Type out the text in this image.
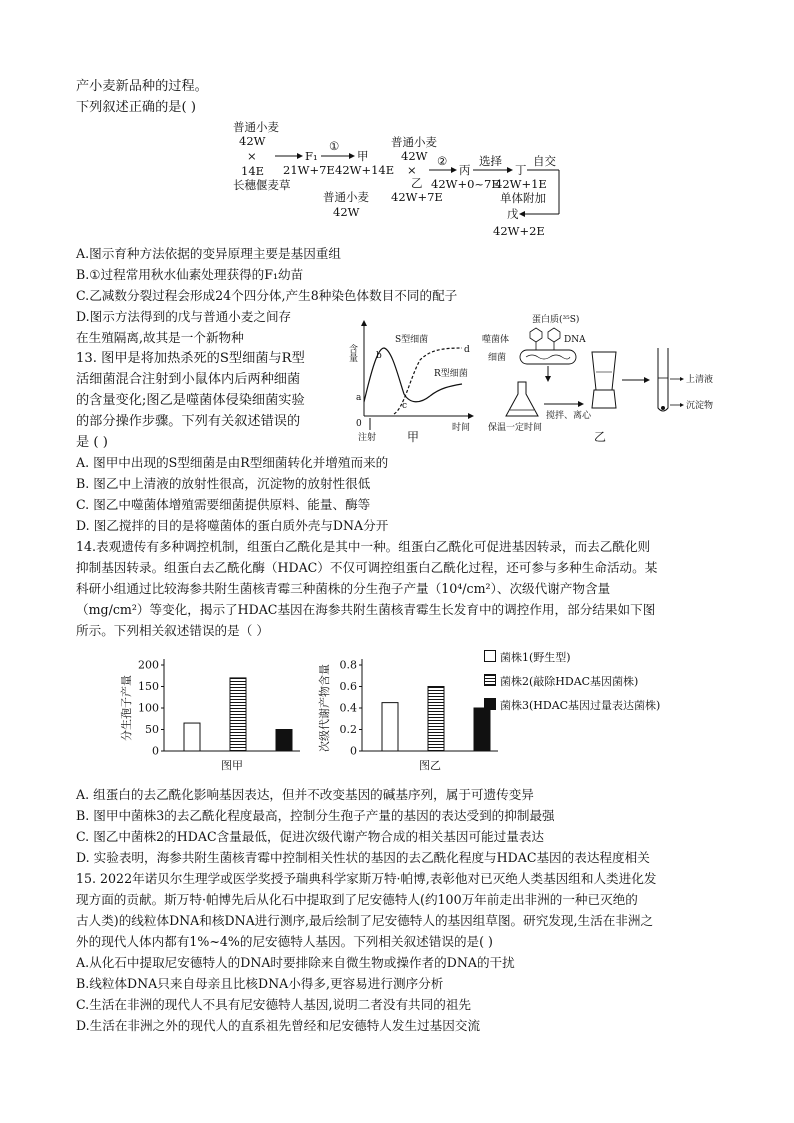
产小麦新品种的过程。
下列叙述正确的是( )
普通小麦
42W
×
14E
长穗偃麦草
F₁
21W+7E
①
甲
42W+14E
普通小麦
42W
×
乙
42W+7E
普通小麦
42W
②
丙
42W+0~7E
选择
丁
42W+1E
单体附加
自交
戊
42W+2E
A.图示育种方法依据的变异原理主要是基因重组
B.①过程常用秋水仙素处理获得的F₁幼苗
C.乙减数分裂过程会形成24个四分体,产生8种染色体数目不同的配子
D.图示方法得到的戊与普通小麦之间存
在生殖隔离,故其是一个新物种
13. 图甲是将加热杀死的S型细菌与R型
活细菌混合注射到小鼠体内后两种细菌
的含量变化;图乙是噬菌体侵染细菌实验
的部分操作步骤。下列有关叙述错误的
是 ( )
含量
S型细菌
R型细菌
a
b
c
d
0
注射
时间
甲
蛋白质(³⁵S)
噬菌体	DNA
细菌
保温一定时间
搅拌、离心
上清液
沉淀物
乙
A. 图甲中出现的S型细菌是由R型细菌转化并增殖而来的
B. 图乙中上清液的放射性很高，沉淀物的放射性很低
C. 图乙中噬菌体增殖需要细菌提供原料、能量、酶等
D. 图乙搅拌的目的是将噬菌体的蛋白质外壳与DNA分开
14.表观遗传有多种调控机制，组蛋白乙酰化是其中一种。组蛋白乙酰化可促进基因转录，而去乙酰化则
抑制基因转录。组蛋白去乙酰化酶（HDAC）不仅可调控组蛋白乙酰化过程，还可参与多种生命活动。某
科研小组通过比较海参共附生菌核青霉三种菌株的分生孢子产量（10⁴/cm²）、次级代谢产物含量
（mg/cm²）等变化，揭示了HDAC基因在海参共附生菌核青霉生长发育中的调控作用，部分结果如下图
所示。下列相关叙述错误的是（ ）
0
50
100
150
200
分生孢子产量
图甲
0
0.2
0.4
0.6
0.8
次级代谢产物含量
图乙
菌株1(野生型)
菌株2(敲除HDAC基因菌株)
菌株3(HDAC基因过量表达菌株)
A. 组蛋白的去乙酰化影响基因表达，但并不改变基因的碱基序列，属于可遗传变异
B. 图甲中菌株3的去乙酰化程度最高，控制分生孢子产量的基因的表达受到的抑制最强
C. 图乙中菌株2的HDAC含量最低，促进次级代谢产物合成的相关基因可能过量表达
D. 实验表明，海参共附生菌核青霉中控制相关性状的基因的去乙酰化程度与HDAC基因的表达程度相关
15. 2022年诺贝尔生理学或医学奖授予瑞典科学家斯万特·帕博,表彰他对已灭绝人类基因组和人类进化发
现方面的贡献。斯万特·帕博先后从化石中提取到了尼安德特人(约100万年前走出非洲的一种已灭绝的
古人类)的线粒体DNA和核DNA进行测序,最后绘制了尼安德特人的基因组草图。研究发现,生活在非洲之
外的现代人体内都有1%~4%的尼安德特人基因。下列相关叙述错误的是( )
A.从化石中提取尼安德特人的DNA时要排除来自微生物或操作者的DNA的干扰
B.线粒体DNA只来自母亲且比核DNA小得多,更容易进行测序分析
C.生活在非洲的现代人不具有尼安德特人基因,说明二者没有共同的祖先
D.生活在非洲之外的现代人的直系祖先曾经和尼安德特人发生过基因交流
